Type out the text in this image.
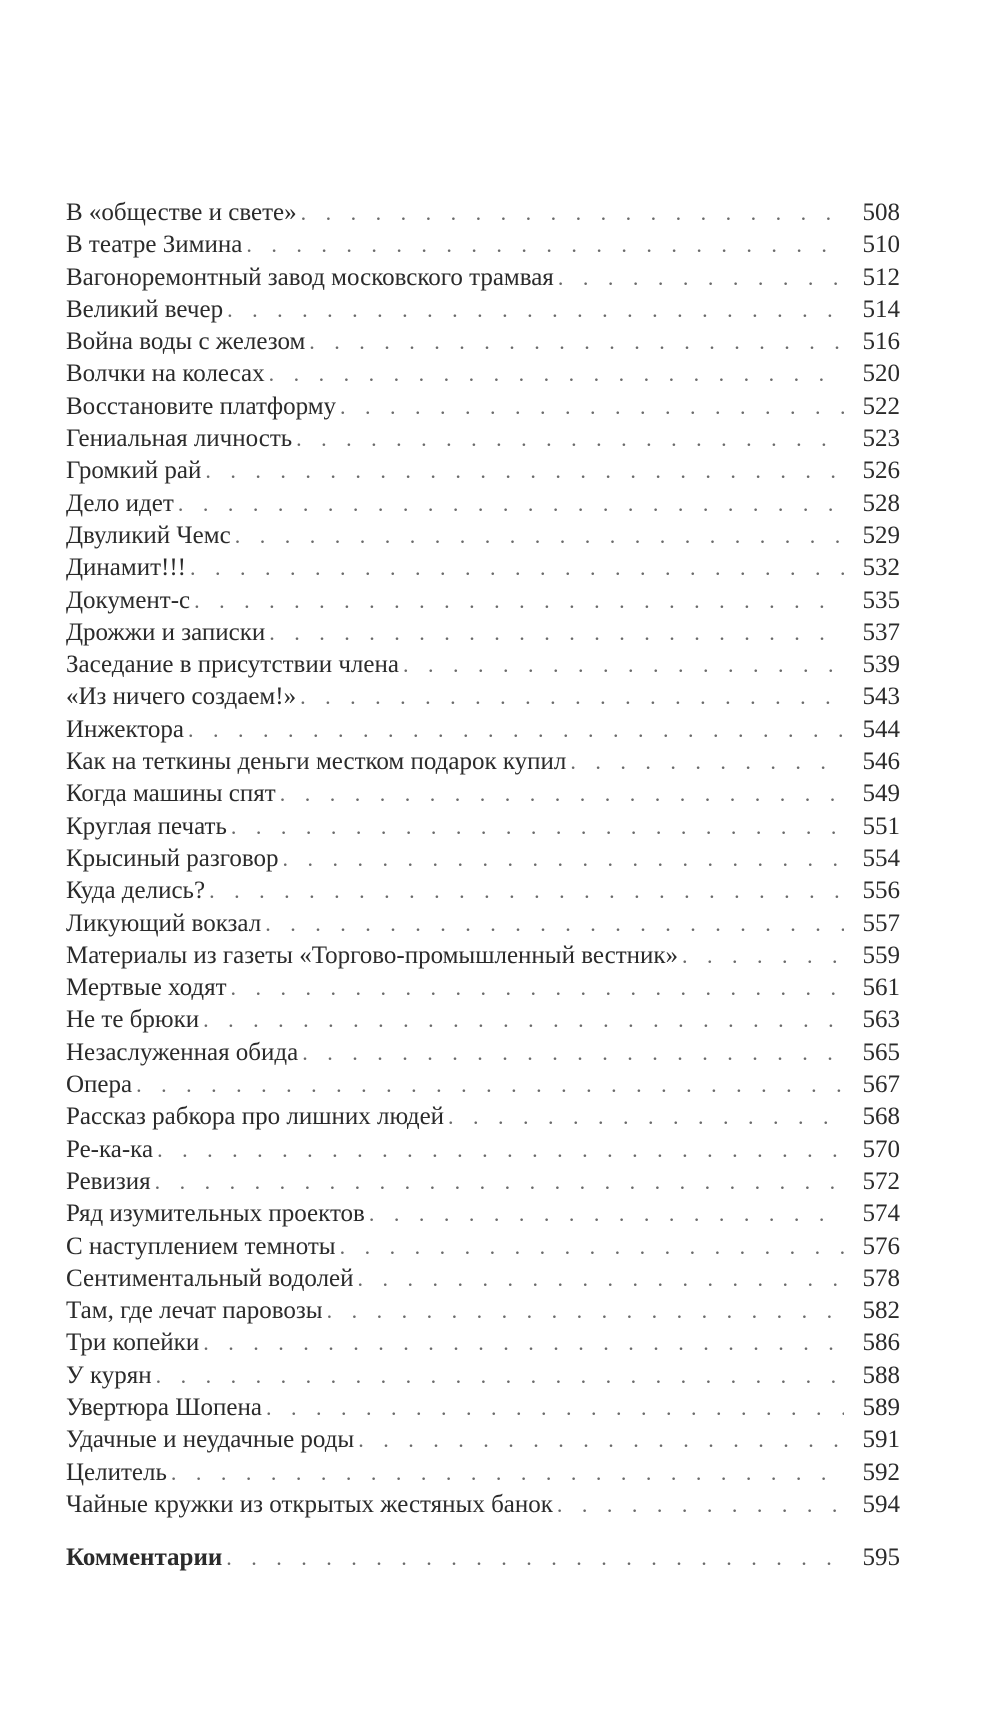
В «обществе и свете» . . .	508
В театре Зимина . . .	510
Вагоноремонтный завод московского трамвая . . .	512
Великий вечер . . .	514
Война воды с железом . . .	516
Волчки на колесах . . .	520
Восстановите платформу . . .	522
Гениальная личность . . .	523
Громкий рай . . .	526
Дело идет . . .	528
Двуликий Чемс . . .	529
Динамит!!! . . .	532
Документ-с . . .	535
Дрожжи и записки . . .	537
Заседание в присутствии члена . . .	539
«Из ничего создаем!» . . .	543
Инжектора . . .	544
Как на теткины деньги местком подарок купил . . .	546
Когда машины спят . . .	549
Круглая печать . . .	551
Крысиный разговор . . .	554
Куда делись? . . .	556
Ликующий вокзал . . .	557
Материалы из газеты «Торгово-промышленный вестник» . . .	559
Мертвые ходят . . .	561
Не те брюки . . .	563
Незаслуженная обида . . .	565
Опера . . .	567
Рассказ рабкора про лишних людей . . .	568
Ре-ка-ка . . .	570
Ревизия . . .	572
Ряд изумительных проектов . . .	574
С наступлением темноты . . .	576
Сентиментальный водолей . . .	578
Там, где лечат паровозы . . .	582
Три копейки . . .	586
У курян . . .	588
Увертюра Шопена . . .	589
Удачные и неудачные роды . . .	591
Целитель . . .	592
Чайные кружки из открытых жестяных банок . . .	594
Комментарии . . .	595
